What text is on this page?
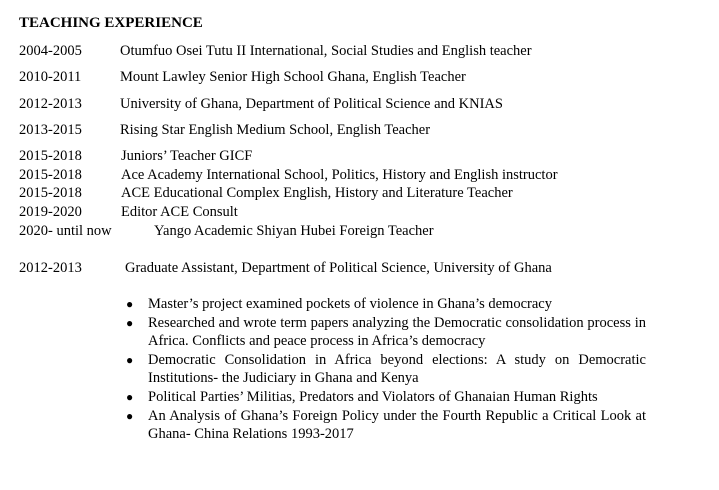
TEACHING EXPERIENCE
2004-2005	Otumfuo Osei Tutu II International, Social Studies and English teacher
2010-2011	Mount Lawley Senior High School Ghana, English Teacher
2012-2013	University of Ghana, Department of Political Science and KNIAS
2013-2015	Rising Star English Medium School, English Teacher
2015-2018	Juniors’ Teacher GICF
2015-2018	Ace Academy International School, Politics, History and English instructor
2015-2018	ACE Educational Complex English, History and Literature Teacher
2019-2020	Editor ACE Consult
2020- until now	Yango Academic Shiyan Hubei Foreign Teacher
2012-2013	Graduate Assistant, Department of Political Science, University of Ghana
● Master’s project examined pockets of violence in Ghana’s democracy
● Researched and wrote term papers analyzing the Democratic consolidation process in Africa. Conflicts and peace process in Africa’s democracy
● Democratic Consolidation in Africa beyond elections: A study on Democratic Institutions- the Judiciary in Ghana and Kenya
● Political Parties’ Militias, Predators and Violators of Ghanaian Human Rights
● An Analysis of Ghana’s Foreign Policy under the Fourth Republic a Critical Look at Ghana- China Relations 1993-2017
